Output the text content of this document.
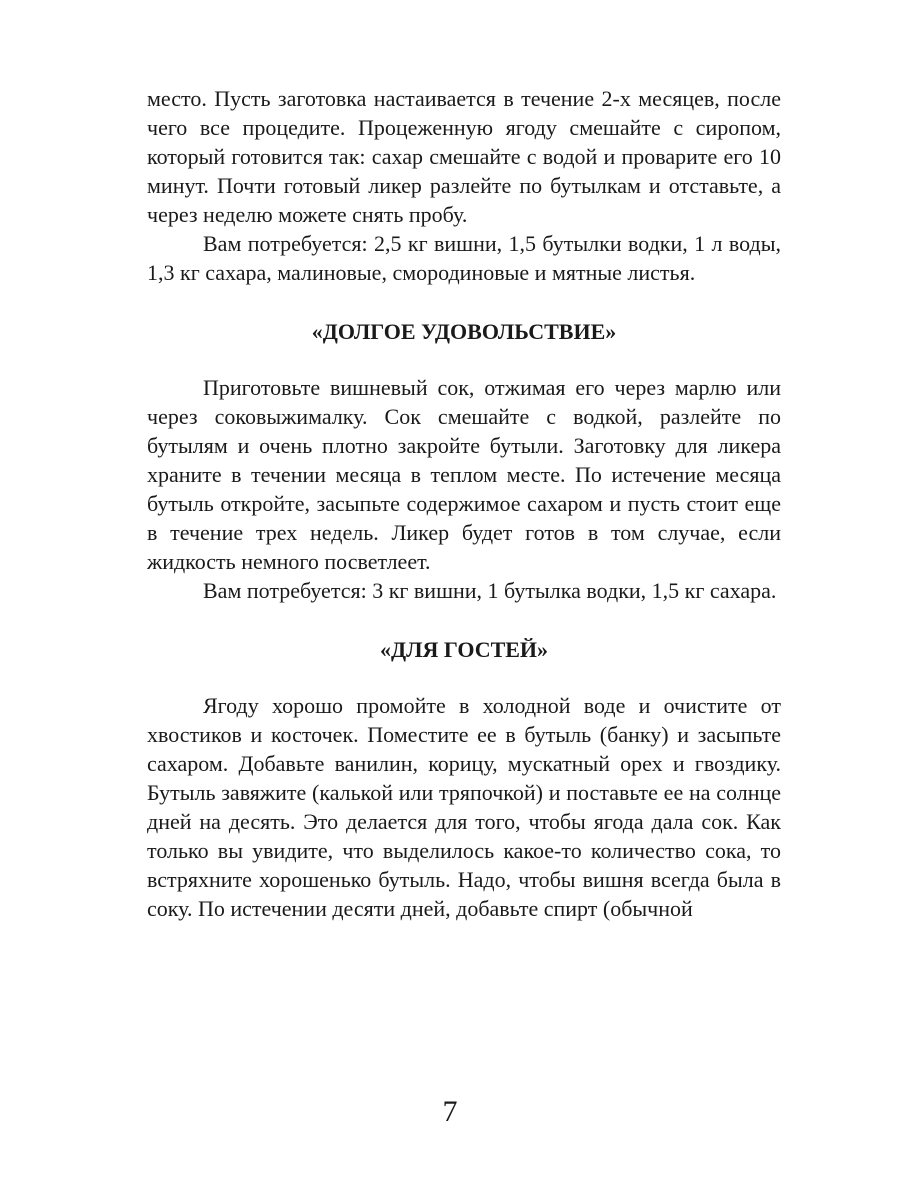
место. Пусть заготовка настаивается в течение 2-х месяцев, после чего все процедите. Процеженную ягоду смешайте с сиропом, который готовится так: сахар смешайте с водой и проварите его 10 минут. Почти готовый ликер разлейте по бутылкам и отставьте, а через неделю можете снять пробу.

Вам потребуется: 2,5 кг вишни, 1,5 бутылки водки, 1 л воды, 1,3 кг сахара, малиновые, смородиновые и мятные листья.

«ДОЛГОЕ УДОВОЛЬСТВИЕ»

Приготовьте вишневый сок, отжимая его через марлю или через соковыжималку. Сок смешайте с водкой, разлейте по бутылям и очень плотно закройте бутыли. Заготовку для ликера храните в течении месяца в теплом месте. По истечение месяца бутыль откройте, засыпьте содержимое сахаром и пусть стоит еще в течение трех недель. Ликер будет готов в том случае, если жидкость немного посветлеет.

Вам потребуется: 3 кг вишни, 1 бутылка водки, 1,5 кг сахара.

«ДЛЯ ГОСТЕЙ»

Ягоду хорошо промойте в холодной воде и очистите от хвостиков и косточек. Поместите ее в бутыль (банку) и засыпьте сахаром. Добавьте ванилин, корицу, мускатный орех и гвоздику. Бутыль завяжите (калькой или тряпочкой) и поставьте ее на солнце дней на десять. Это делается для того, чтобы ягода дала сок. Как только вы увидите, что выделилось какое-то количество сока, то встряхните хорошенько бутыль. Надо, чтобы вишня всегда была в соку. По истечении десяти дней, добавьте спирт (обычной

7
